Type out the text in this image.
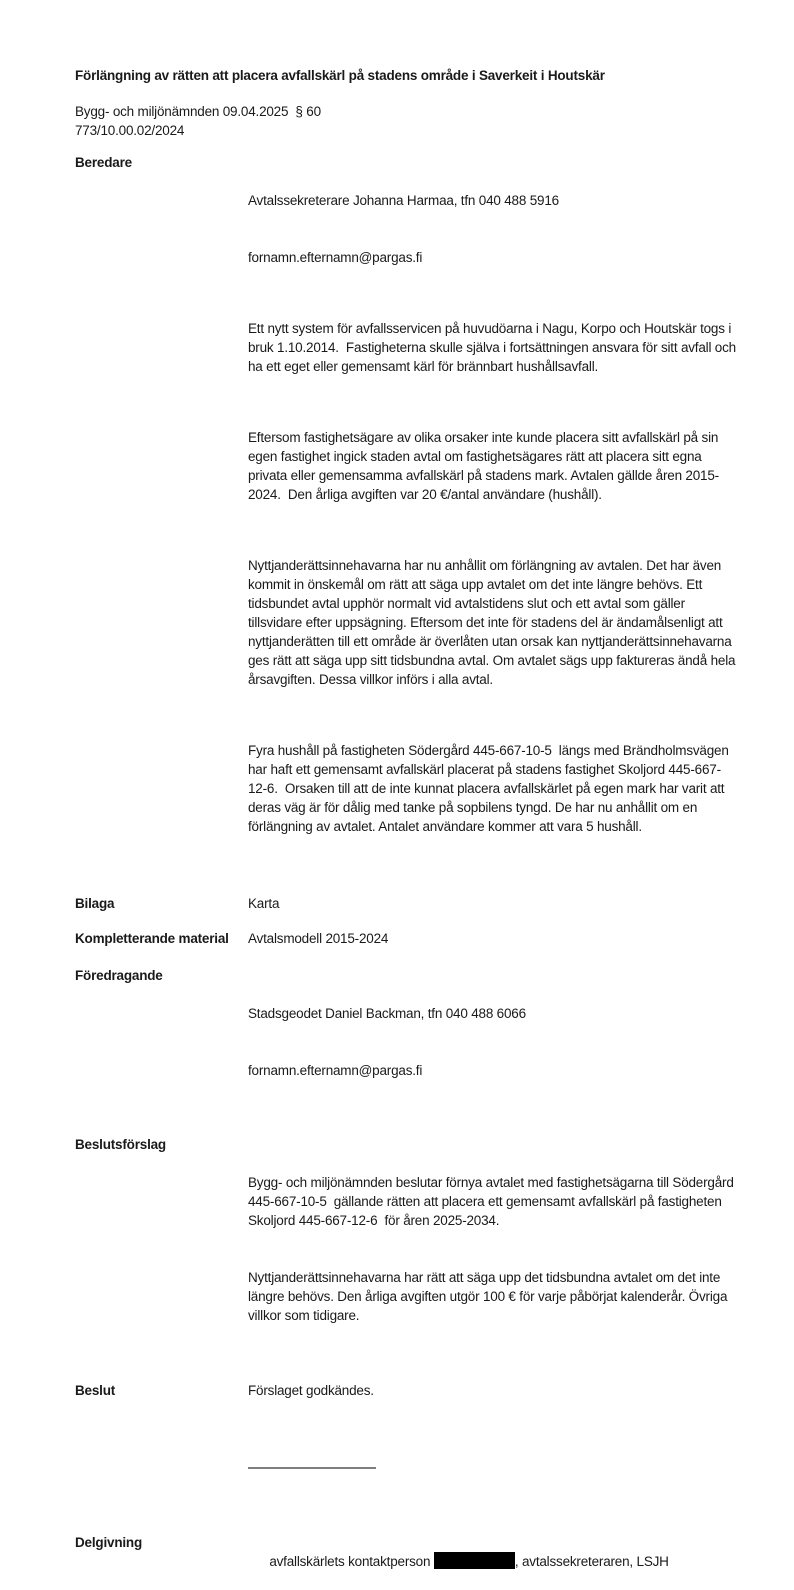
Förlängning av rätten att placera avfallskärl på stadens område i Saverkeit i Houtskär
Bygg- och miljönämnden 09.04.2025  § 60
773/10.00.02/2024
Beredare

Avtalssekreterare Johanna Harmaa, tfn 040 488 5916

fornamn.efternamn@pargas.fi

Ett nytt system för avfallsservicen på huvudöarna i Nagu, Korpo och Houtskär togs i bruk 1.10.2014.  Fastigheterna skulle själva i fortsättningen ansvara för sitt avfall och ha ett eget eller gemensamt kärl för brännbart hushållsavfall.

Eftersom fastighetsägare av olika orsaker inte kunde placera sitt avfallskärl på sin egen fastighet ingick staden avtal om fastighetsägares rätt att placera sitt egna privata eller gemensamma avfallskärl på stadens mark. Avtalen gällde åren 2015-2024.  Den årliga avgiften var 20 €/antal användare (hushåll).

Nyttjanderättsinnehavarna har nu anhållit om förlängning av avtalen. Det har även kommit in önskemål om rätt att säga upp avtalet om det inte längre behövs. Ett tidsbundet avtal upphör normalt vid avtalstidens slut och ett avtal som gäller tillsvidare efter uppsägning. Eftersom det inte för stadens del är ändamålsenligt att nyttjanderätten till ett område är överlåten utan orsak kan nyttjanderättsinnehavarna ges rätt att säga upp sitt tidsbundna avtal. Om avtalet sägs upp faktureras ändå hela årsavgiften. Dessa villkor införs i alla avtal.

Fyra hushåll på fastigheten Södergård 445-667-10-5  längs med Brändholmsvägen har haft ett gemensamt avfallskärl placerat på stadens fastighet Skoljord 445-667-12-6.  Orsaken till att de inte kunnat placera avfallskärlet på egen mark har varit att deras väg är för dålig med tanke på sopbilens tyngd. De har nu anhållit om en förlängning av avtalet. Antalet användare kommer att vara 5 hushåll.

Bilaga	Karta
Kompletterande material	Avtalsmodell 2015-2024
Föredragande

Stadsgeodet Daniel Backman, tfn 040 488 6066

fornamn.efternamn@pargas.fi

Beslutsförslag

Bygg- och miljönämnden beslutar förnya avtalet med fastighetsägarna till Södergård 445-667-10-5  gällande rätten att placera ett gemensamt avfallskärl på fastigheten Skoljord 445-667-12-6  för åren 2025-2034.

Nyttjanderättsinnehavarna har rätt att säga upp det tidsbundna avtalet om det inte längre behövs. Den årliga avgiften utgör 100 € för varje påbörjat kalenderår. Övriga villkor som tidigare.

Beslut	Förslaget godkändes.

Delgivning

avfallskärlets kontaktperson	, avtalssekreteraren, LSJH
